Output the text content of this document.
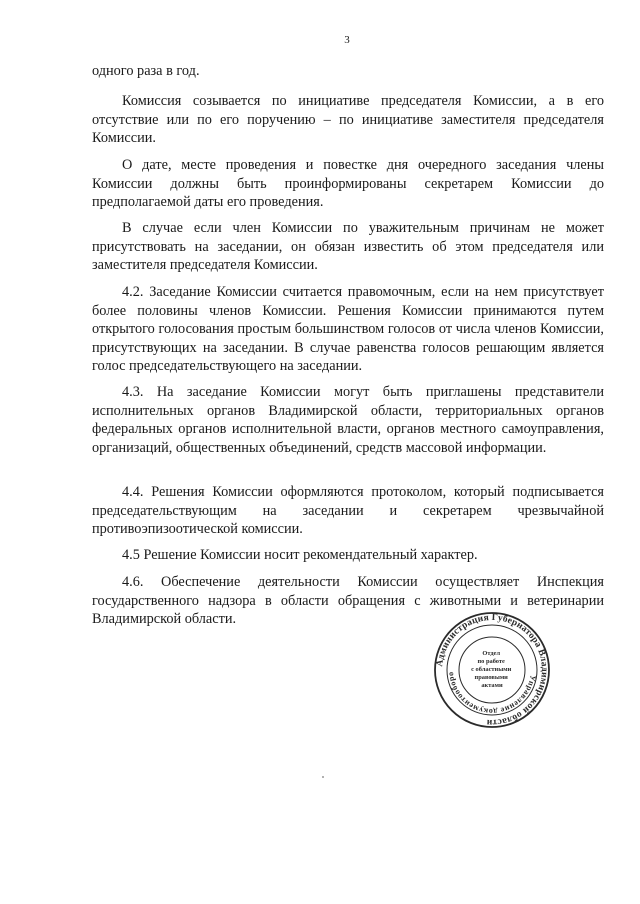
3
одного раза в год.
Комиссия созывается по инициативе председателя Комиссии, а в его отсутствие или по его поручению – по инициативе заместителя председателя Комиссии.
О дате, месте проведения и повестке дня очередного заседания члены Комиссии должны быть проинформированы секретарем Комиссии до предполагаемой даты его проведения.
В случае если член Комиссии по уважительным причинам не может присутствовать на заседании, он обязан известить об этом председателя или заместителя председателя Комиссии.
4.2. Заседание Комиссии считается правомочным, если на нем присутствует более половины членов Комиссии. Решения Комиссии принимаются путем открытого голосования простым большинством голосов от числа членов Комиссии, присутствующих на заседании. В случае равенства голосов решающим является голос председательствующего на заседании.
4.3. На заседание Комиссии могут быть приглашены представители исполнительных органов Владимирской области, территориальных органов федеральных органов исполнительной власти, органов местного самоуправления, организаций, общественных объединений, средств массовой информации.
4.4. Решения Комиссии оформляются протоколом, который подписывается председательствующим на заседании и секретарем чрезвычайной противоэпизоотической комиссии.
4.5 Решение Комиссии носит рекомендательный характер.
4.6. Обеспечение деятельности Комиссии осуществляет Инспекция государственного надзора в области обращения с животными и ветеринарии Владимирской области.
Администрация Губернатора Владимирской области
Управление документооборо
Отдел по работе с областными правовыми актами
